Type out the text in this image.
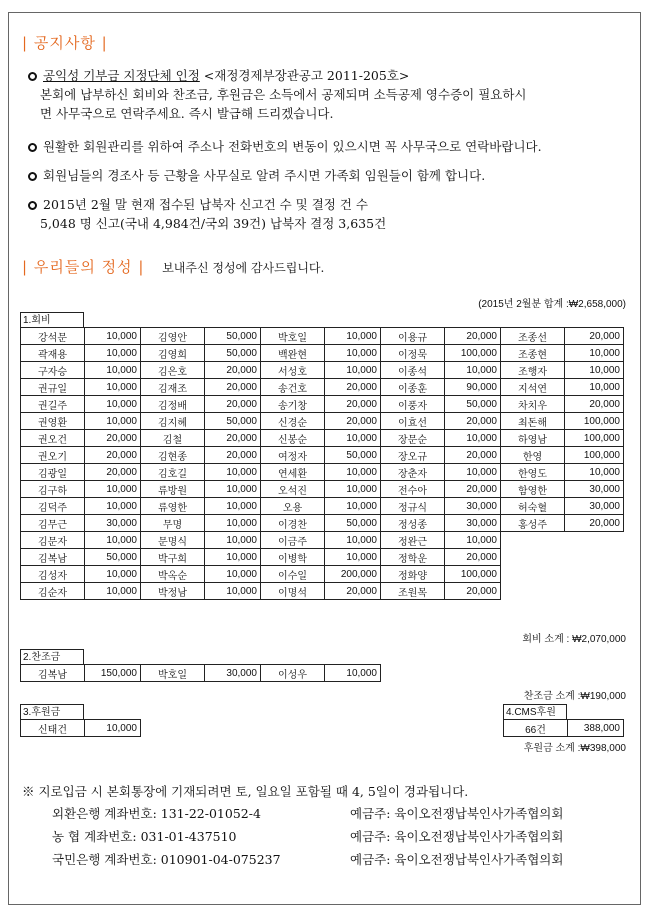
| 공지사항 |
공익성 기부금 지정단체 인정 <재정경제부장관공고 2011-205호>
본회에 납부하신 회비와 찬조금, 후원금은 소득에서 공제되며 소득공제 영수증이 필요하시
면 사무국으로 연락주세요. 즉시 발급해 드리겠습니다.
원활한 회원관리를 위하여 주소나 전화번호의 변동이 있으시면 꼭 사무국으로 연락바랍니다.
회원님들의 경조사 등 근황을 사무실로 알려 주시면 가족회 임원들이 함께 합니다.
2015년 2월 말 현재 접수된 납북자 신고건 수 및 결정 건 수
5,048 명 신고(국내 4,984건/국외 39건) 납북자 결정 3,635건
| 우리들의 정성 | 보내주신 정성에 감사드립니다.
(2015년 2월분 합계 :₩2,658,000)
1.회비
강석문	10,000	김영안	50,000	박호일	10,000	이용규	20,000	조종선	20,000
곽재용	10,000	김영희	50,000	백완현	10,000	이정묵	100,000	조종현	10,000
구자승	10,000	김은호	20,000	서성호	10,000	이종석	10,000	조행자	10,000
권규일	10,000	김재조	20,000	송건호	20,000	이종훈	90,000	지석연	10,000
권길주	10,000	김정배	20,000	송기창	20,000	이풍자	50,000	차치우	20,000
권영환	10,000	김지혜	50,000	신경순	20,000	이효선	20,000	최돈해	100,000
권오건	20,000	김철	20,000	신봉순	10,000	장문순	10,000	하영남	100,000
권오기	20,000	김현종	20,000	여정자	50,000	장오규	20,000	한영	100,000
김광일	20,000	김호길	10,000	연세환	10,000	장춘자	10,000	한영도	10,000
김구하	10,000	류방원	10,000	오석진	10,000	전수아	20,000	함영한	30,000
김덕주	10,000	류영한	10,000	오용	10,000	정규식	30,000	허숙혈	30,000
김무근	30,000	무명	10,000	이경찬	50,000	정성종	30,000	홍성주	20,000
김문자	10,000	문명식	10,000	이금주	10,000	정완근	10,000		
김복남	50,000	박구희	10,000	이병학	10,000	정학운	20,000		
김성자	10,000	박옥순	10,000	이수일	200,000	정화양	100,000		
김순자	10,000	박정남	10,000	이명석	20,000	조원목	20,000		
회비 소계 : ₩2,070,000
2.찬조금
김복남	150,000	박호일	30,000	이성우	10,000
찬조금 소계 :₩190,000
3.후원금
신태건	10,000
4.CMS후원
66건	388,000
후원금 소계 :₩398,000
※ 지로입금 시 본회통장에 기재되려면 토, 일요일 포함될 때 4, 5일이 경과됩니다.
외환은행 계좌번호: 131-22-01052-4	예금주: 육이오전쟁납북인사가족협의회
농 협 계좌번호: 031-01-437510	예금주: 육이오전쟁납북인사가족협의회
국민은행 계좌번호: 010901-04-075237	예금주: 육이오전쟁납북인사가족협의회
